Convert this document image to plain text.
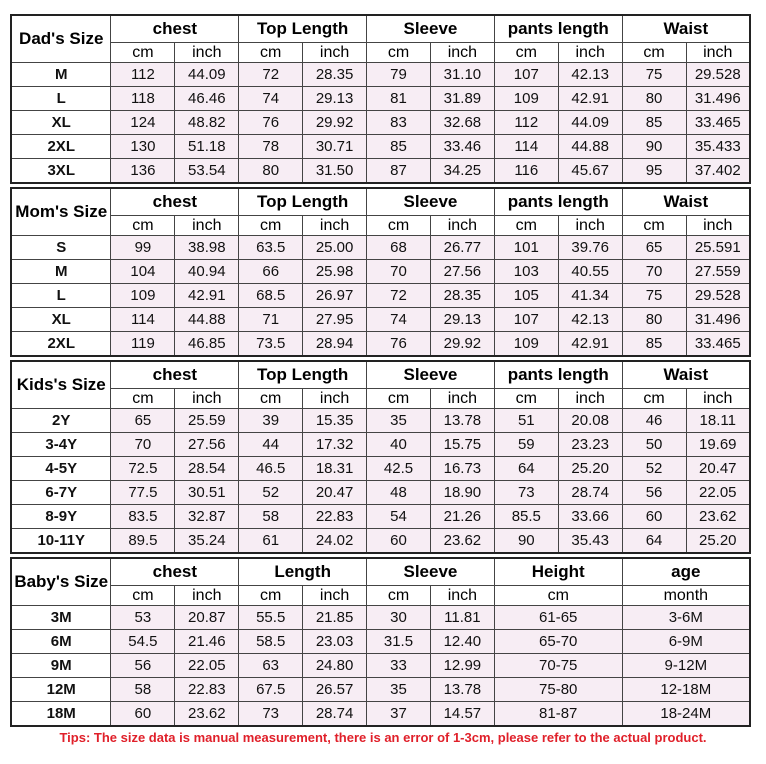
Dad's Size	chest		Top Length		Sleeve		pants length		Waist	
	cm	inch	cm	inch	cm	inch	cm	inch	cm	inch
M	112	44.09	72	28.35	79	31.10	107	42.13	75	29.528
L	118	46.46	74	29.13	81	31.89	109	42.91	80	31.496
XL	124	48.82	76	29.92	83	32.68	112	44.09	85	33.465
2XL	130	51.18	78	30.71	85	33.46	114	44.88	90	35.433
3XL	136	53.54	80	31.50	87	34.25	116	45.67	95	37.402
Mom's Size	chest		Top Length		Sleeve		pants length		Waist	
	cm	inch	cm	inch	cm	inch	cm	inch	cm	inch
S	99	38.98	63.5	25.00	68	26.77	101	39.76	65	25.591
M	104	40.94	66	25.98	70	27.56	103	40.55	70	27.559
L	109	42.91	68.5	26.97	72	28.35	105	41.34	75	29.528
XL	114	44.88	71	27.95	74	29.13	107	42.13	80	31.496
2XL	119	46.85	73.5	28.94	76	29.92	109	42.91	85	33.465
Kids's Size	chest		Top Length		Sleeve		pants length		Waist	
	cm	inch	cm	inch	cm	inch	cm	inch	cm	inch
2Y	65	25.59	39	15.35	35	13.78	51	20.08	46	18.11
3-4Y	70	27.56	44	17.32	40	15.75	59	23.23	50	19.69
4-5Y	72.5	28.54	46.5	18.31	42.5	16.73	64	25.20	52	20.47
6-7Y	77.5	30.51	52	20.47	48	18.90	73	28.74	56	22.05
8-9Y	83.5	32.87	58	22.83	54	21.26	85.5	33.66	60	23.62
10-11Y	89.5	35.24	61	24.02	60	23.62	90	35.43	64	25.20
Baby's Size	chest		Length		Sleeve		Height	age
	cm	inch	cm	inch	cm	inch	cm	month
3M	53	20.87	55.5	21.85	30	11.81	61-65	3-6M
6M	54.5	21.46	58.5	23.03	31.5	12.40	65-70	6-9M
9M	56	22.05	63	24.80	33	12.99	70-75	9-12M
12M	58	22.83	67.5	26.57	35	13.78	75-80	12-18M
18M	60	23.62	73	28.74	37	14.57	81-87	18-24M
Tips: The size data is manual measurement, there is an error of 1-3cm, please refer to the actual product.
